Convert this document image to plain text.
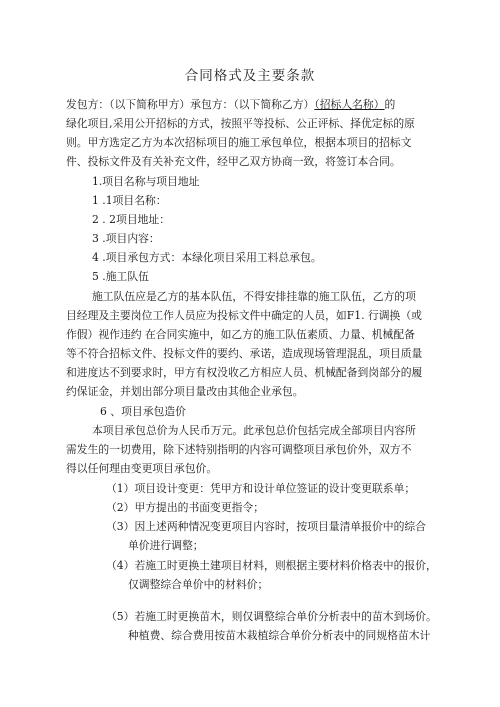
合同格式及主要条款
发包方：（以下简称甲方）承包方：（以下简称乙方）（招标人名称）的
绿化项目,采用公开招标的方式，按照平等投标、公正评标、择优定标的原
则。甲方选定乙方为本次招标项目的施工承包单位，根据本项目的招标文
件、投标文件及有关补充文件，经甲乙双方协商一致，将签订本合同。
1.项目名称与项目地址
1 .1项目名称：
2 . 2项目地址：
3 .项目内容：
4 .项目承包方式：本绿化项目采用工料总承包。
5 .施工队伍
施工队伍应是乙方的基本队伍，不得安排挂靠的施工队伍，乙方的项
目经理及主要岗位工作人员应为投标文件中确定的人员，如F1. 行调换（或
作假）视作违约 在合同实施中，如乙方的施工队伍素质、力量、机械配备
等不符合招标文件、投标文件的要约、承诺，造成现场管理混乱，项目质量
和进度达不到要求时，甲方有权没收乙方相应人员、机械配备到岗部分的履
约保证金，并划出部分项目量改由其他企业承包。
6 、项目承包造价
本项目承包总价为人民币万元。此承包总价包括完成全部项目内容所
需发生的一切费用，除下述特别指明的内容可调整项目承包价外，双方不
得以任何理由变更项目承包价。
（1）项目设计变更：凭甲方和设计单位签证的设计变更联系单；
（2）甲方提出的书面变更指令；
（3）因上述两种情况变更项目内容时，按项目量清单报价中的综合
单价进行调整；
（4）若施工时更换土建项目材料，则根据主要材料价格表中的报价，
仅调整综合单价中的材料价；
（5）若施工时更换苗木，则仅调整综合单价分析表中的苗木到场价。
种植费、综合费用按苗木栽植综合单价分析表中的同规格苗木计
